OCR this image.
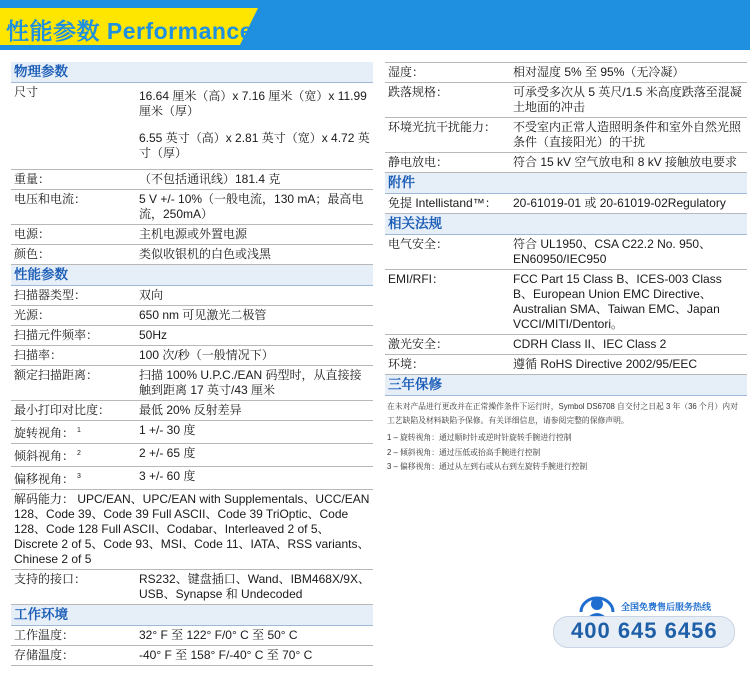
性能参数 Performance
物理参数
尺寸	16.64 厘米（高）x 7.16 厘米（宽）x 11.99 厘米（厚）
6.55 英寸（高）x 2.81 英寸（宽）x 4.72 英寸（厚）
重量：	（不包括通讯线）181.4 克
电压和电流：	5 V +/- 10%（一般电流，130 mA；最高电流，250mA）
电源：	主机电源或外置电源
颜色：	类似收银机的白色或浅黑
性能参数
扫描器类型：	双向
光源：	650 nm 可见激光二极管
扫描元件频率：	50Hz
扫描率：	100 次/秒（一般情况下）
额定扫描距离：	扫描 100% U.P.C./EAN 码型时，从直接接触到距离 17 英寸/43 厘米
最小打印对比度：	最低 20% 反射差异
旋转视角： $^1$	1 +/- 30 度
倾斜视角： $^2$	2 +/- 65 度
偏移视角： $^3$	3 +/- 60 度
解码能力： UPC/EAN、UPC/EAN with Supplementals、UCC/EAN 128、Code 39、Code 39 Full ASCII、Code 39 TriOptic、Code 128、Code 128 Full ASCII、Codabar、Interleaved 2 of 5、Discrete 2 of 5、Code 93、MSI、Code 11、IATA、RSS variants、Chinese 2 of 5
支持的接口：	RS232、键盘插口、Wand、IBM468X/9X、USB、Synapse 和 Undecoded
工作环境
工作温度：	32° F 至 122° F/0° C 至 50° C
存储温度：	-40° F 至 158° F/-40° C 至 70° C
湿度：	相对湿度 5% 至 95%（无冷凝）
跌落规格：	可承受多次从 5 英尺/1.5 米高度跌落至混凝土地面的冲击
环境光抗干扰能力：	不受室内正常人造照明条件和室外自然光照条件（直接阳光）的干扰
静电放电：	符合 15 kV 空气放电和 8 kV 接触放电要求
附件
免提 Intellistand™：	20-61019-01 或 20-61019-02Regulatory
相关法规
电气安全：	符合 UL1950、CSA C22.2 No. 950、EN60950/IEC950
EMI/RFI：	FCC Part 15 Class B、ICES-003 Class B、European Union EMC Directive、Australian SMA、Taiwan EMC、Japan VCCI/MITI/Dentori。
激光安全：	CDRH Class II、IEC Class 2
环境：	遵循 RoHS Directive 2002/95/EEC
三年保修
在未对产品进行更改并在正常操作条件下运行时，Symbol DS6708 自交付之日起 3 年（36 个月）内对工艺缺陷及材料缺陷予保修。有关详细信息，请参阅完整的保修声明。
1 – 旋转视角：通过顺时针或逆时针旋转手腕进行控制
2 – 倾斜视角：通过压低或抬高手腕进行控制
3 – 偏移视角：通过从左到右或从右到左旋转手腕进行控制
全国免费售后服务热线
400 645 6456
